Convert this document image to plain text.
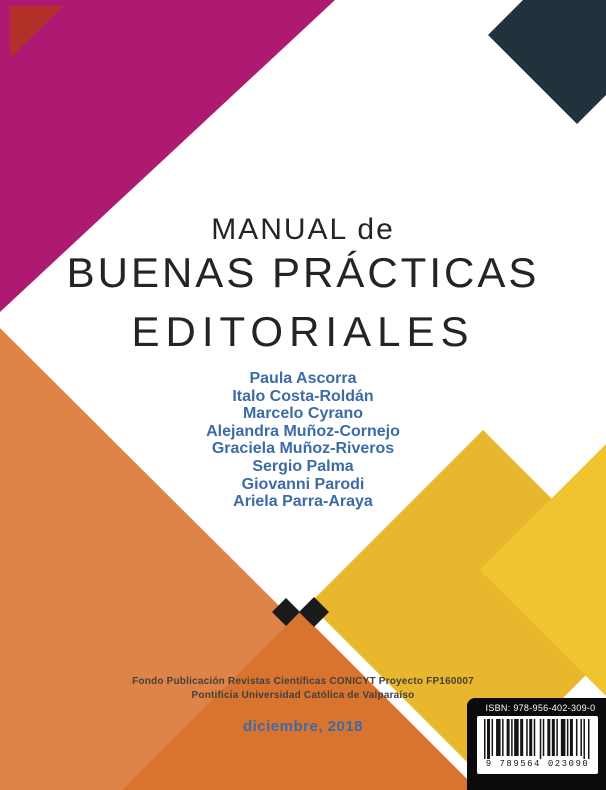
MANUAL de
BUENAS PRÁCTICAS
EDITORIALES
Paula Ascorra
Italo Costa-Roldán
Marcelo Cyrano
Alejandra Muñoz-Cornejo
Graciela Muñoz-Riveros
Sergio Palma
Giovanni Parodi
Ariela Parra-Araya
Fondo Publicación Revistas Científicas CONICYT Proyecto FP160007
Pontificia Universidad Católica de Valparaíso
diciembre, 2018
ISBN: 978-956-402-309-0
9 789564 023090
